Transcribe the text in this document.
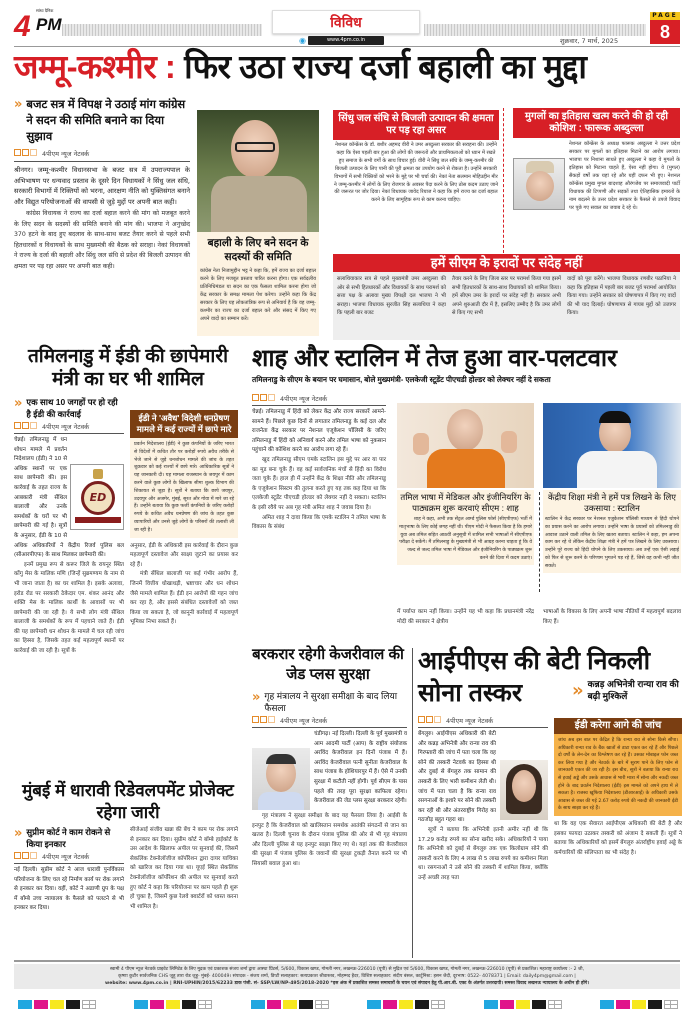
4 सांध्य दैनिक
PM	विविध
◉	www.4pm.co.in	शुक्रवार, 7 मार्च, 2025
PAGE
8
जम्मू-कश्मीर : फिर उठा राज्य दर्जा बहाली का मुद्दा
» बजट सत्र में विपक्ष ने उठाई मांग कांग्रेस ने सदन की समिति बनाने का दिया सुझाव
4पीएम न्यूज नेटवर्क

श्रीनगर। जम्मू-कश्मीर विधानसभा के बजट सत्र में उपराज्यपाल के अभिभाषण पर धन्यवाद प्रस्ताव के दूसरे दिन विधायकों ने सिंधु जल संधि, सरकारी विभागों में रिक्तियों को भरना, आरक्षण नीति को युक्तिसंगत बनाने और विद्युत परियोजनाओं की वापसी से जुड़े मुद्दों पर अपनी बात कही।

कांग्रेस विधायक ने राज्य का दर्जा बहाल करने की मांग को मजबूत करने के लिए सदन के सदस्यों की समिति बनाने की मांग की। भाजपा ने अनुच्छेद 370 हटने के बाद हुए बदलाव के साथ-साथ बजट तैयार करने से पहले सभी हितधारकों व विधायकों के साथ मुख्यमंत्री की बैठक को सराहा। नेकां विधायकों ने राज्य के दर्जा की बहाली और सिंधु जल संधि से प्रदेश की बिजली उत्पादन की क्षमता पर पड़ रहा असर पर अपनी बात कही।

बहाली के लिए बने सदन के सदस्यों की समिति
कांग्रेस नेता निजामुद्दीन भट्ट ने कहा कि, हमें राज्य का दर्जा बहाल करने के लिए मजबूत प्रस्ताव पारित करना होगा। एक सर्वदलीय प्रतिनिधिमंडल या सदन का एक फैसला शामिल करना होगा जो केंद्र सरकार के समक्ष मामला पेश करेगा। उन्होंने कहा कि केंद्र सरकार के लिए यह लोकतांत्रिक रूप से अनिवार्य है कि वह जम्मू-कश्मीर का राज्य का दर्जा बहाल करे और संसद में किए गए अपने वादों का सम्मान करें।
सिंधु जल संधि से बिजली उत्पादन की क्षमता पर पड़ रहा असर
नेशनल कॉन्फ्रेंस के डॉ. बशीर अहमद वीरी ने उमर अब्दुल्ला सरकार की सराहना की। उन्होंने कहा कि ऐसा पहली बार हुआ की लोगों की जरूरतों और प्राथमिकताओं को ध्यान में रखते हुए समाज के सभी वर्गों के साथ विचार हुई। वीरी ने सिंधु जल संधि के जम्मू-कश्मीर की बिजली उत्पादन के लिए पानी की पूरी क्षमता का उपयोग करने से रोकता है। उन्होंने सरकारी विभागों में सभी रिक्तियों को भरने के मुद्दे पर भी चर्चा की। नेकां नेता सलमान मोहिउद्दीन मीर ने जम्मू-कश्मीर में लोगों के लिए रोजगार के अवसर पैदा करने के लिए ठोस कदम उठाए जाने की जरूरत पर जोर दिया। नेकां विधायक जावेद रियाज ने कहा कि हमें राज्य का दर्जा बहाल करने के लिए सामूहिक रूप से काम करना चाहिए।
मुगलों का इतिहास खत्म करने की हो रही कोशिश : फारूक अब्दुल्ला
नेशनल कॉन्फ्रेंस के अध्यक्ष फारूक अब्दुल्ला ने उत्तर प्रदेश सरकार पर मुगलों का इतिहास मिटाने का आरोप लगाया। भाजपा पर निशाना साधते हुए अब्दुल्ला ने कहा वे मुगलों के इतिहास को मिटाना चाहते हैं, ऐसा नहीं होगा। वे (मुगल) सैकड़ों वर्षों तक यहां रहे और यहीं दफन भी हुए। नेशनल कॉन्फ्रेंस प्रमुख मुगल बादशाह औरंगजेब पर समाजवादी पार्टी विधायक की टिप्पणी और सड़कों तथा ऐतिहासिक इमारतों के नाम बदलने के उत्तर प्रदेश सरकार के फैसले से उपजे विवाद पर पूछे गए सवाल का जवाब दे रहे थे।
हमें सीएम के इरादों पर संदेह नहीं

सलाथियाकार सत्र से पहले मुख्यमंत्री उमर अब्दुल्ला की ओर से सभी हितधारकों और विधायकों के साथ परामर्श को सत्ता पक्ष के अलावा मुख्य विपक्षी दल भाजपा ने भी सराहा। भाजपा विधायक सुरजीत सिंह सलाथिया ने कहा कि पहली बार बजट

तैयार करने के लिए जिला स्तर पर परामर्श किया गया इसमें सभी हितधारकों के साथ-साथ विधायकों को शामिल किया। हमें सीएम उमर के इरादों पर संदेह नहीं है। सरकार अभी अपने शुरुआती दौर में है, इसलिए उम्मीद है कि उमर लोगों से किए गए सभी

वादों को पूरा करेंगे। भाजपा विधायक रणबीर पठानिया ने कहा कि इतिहास में पहली बार बजट पूर्व परामर्श आयोजित किया गया। उन्होंने सरकार को घोषणापत्र में किए गए वादों की भी याद दिलाई। घोषणापत्र से गायब मुद्दों को उजागर किया।

तमिलनाडु में ईडी की छापेमारी मंत्री का घर भी शामिल
» एक साथ 10 जगहों पर हो रही है ईडी की कार्रवाई
4पीएम न्यूज नेटवर्क
ED

चेन्नई। तमिलनाडु में धन शोधन मामले में प्रवर्तन निदेशालय (ईडी) ने 10 से अधिक स्थानों पर एक साथ छापेमारी की। इस कार्रवाई के तहत राज्य के आबकारी मंत्री सेंथिल बालाजी और उनके समर्थकों के घरों पर भी छापेमारी की गई है। सूत्रों के अनुसार, ईडी के 10 से अधिक अधिकारियों ने केंद्रीय रिजर्व पुलिस बल (सीआरपीएफ) के साथ मिलकर छापेमारी की।

इनमें प्रमुख रूप से करूर जिले के रायनूर स्थित कोंगु मेस के मालिक मणि (जिन्हें सुब्रमण्यम के नाम से भी जाना जाता है) का घर शामिल है। इसके अलावा, इरोड रोड पर सरकारी ठेकेदार एम. शंकर आनंद और शक्ति मेस के मालिक कार्थी के आवासों पर भी छापेमारी की जा रही है। ये सभी लोग मंत्री सेंथिल बालाजी के समर्थकों के रूप में पहचाने जाते हैं। ईडी की यह छापेमारी धन शोधन के मामले में चल रही जांच का हिस्सा है, जिसके तहत कई महत्वपूर्ण स्थानों पर कार्रवाई की जा रही है। सूत्रों के

ईडी ने 'अवैध' विदेशी धनप्रेषण मामले में कई राज्यों में छापे मारे
प्रवर्तन निदेशालय (ईडी) ने कुछ कंपनियों के जरिए भारत से विदेशों में कथित तौर पर करोड़ों रुपये अवैध तरीके से भेजे जाने से जुड़े धनशोधन मामले की जांच के तहत शुक्रवार को कई राज्यों में छापे मारे। आधिकारिक सूत्रों ने यह जानकारी दी। यह मामला राजस्थान के जयपुर में काम करने वाले कुछ लोगों के खिलाफ सीमा शुल्क विभाग की शिकायत से जुड़ा है। सूत्रों ने बताया कि छापे जयपुर, उदयपुर और अजमेर, मुंबई, सूरत और गोवा में मारे जा रहे हैं। उन्होंने बताया कि कुछ फर्जी कंपनियों के जरिए करोड़ों रुपये के कथित अवैध धनप्रेषण की जांच के तहत कुछ व्यापारियों और उनसे जुड़े लोगों के परिसरों की तलाशी ली जा रही है।

अनुसार, ईडी के अधिकारी इस कार्रवाई के दौरान कुछ महत्वपूर्ण दस्तावेज और साक्ष्य जुटाने का प्रयास कर रहे हैं।

मंत्री सेंथिल बालाजी पर कई गंभीर आरोप हैं, जिनमें वित्तीय धोखाधड़ी, भ्रष्टाचार और धन शोधन जैसे मामले शामिल हैं। ईडी इन आरोपों की गहन जांच कर रहा है, और इससे संबंधित दस्तावेजों को जब्त किया जा सकता है, जो कानूनी कार्रवाई में महत्वपूर्ण भूमिका निभा सकते हैं।

मुंबई में धारावी रिडेवलपमेंट प्रोजेक्ट रहेगा जारी
» सुप्रीम कोर्ट ने काम रोकने से किया इनकार
4पीएम न्यूज नेटवर्क

नई दिल्ली। सुप्रीम कोर्ट ने आज धारावी पुनर्विकास परियोजना के लिए चल रहे निर्माण कार्य पर रोक लगाने से इनकार कर दिया। वहीं, कोर्ट ने अडाणी ग्रुप के पक्ष में बॉम्बे उच्च न्यायालय के फैसले को पलटने से भी इनकार कर दिया।

सीजेआई संजीव खन्ना की बेंच ने काम पर रोक लगाने से इनकार कर दिया। सुप्रीम कोर्ट ने बॉम्बे हाईकोर्ट के उस आदेश के खिलाफ अपील पर सुनवाई की, जिसमें सेकलिंक टेक्नोलॉजीज कॉर्पोरेशन द्वारा दायर याचिका को खारिज कर दिया गया था। यूएई स्थित सेकलिंक टेक्नोलॉजीज कॉर्पोरेशन की अपील पर सुनवाई करते हुए कोर्ट ने कहा कि परियोजना पर काम पहले ही शुरू हो चुका है, जिसमें कुछ रेलवे क्वार्टरों को ध्वस्त करना भी शामिल है।
शाह और स्टालिन में तेज हुआ वार-पलटवार
तमिलनाडु के सीएम के बयान पर घमासान, बोले मुख्यमंत्री- एलकेजी स्टूडेंट पीएचडी होल्डर को लेक्चर नहीं दे सकता
4पीएम न्यूज नेटवर्क

चेन्नई। तमिलनाडु में हिंदी को लेकर केंद्र और राज्य सरकारें आमने-सामने हैं। पिछले कुछ दिनों से लगातार तमिलनाडु के कई दल और राजनेता केंद्र सरकार पर नेशनल एजूकेशन पॉलिसी के जरिए तमिलनाडु में हिंदी को अनिवार्य करने और तमिल भाषा को नुकसान पहुंचाने की कोशिश करने का आरोप लगा रहे हैं।

खुद तमिलनाडु सीएम एमके स्टालिन इस मुद्दे पर आर या पार का मूड बना चुके हैं। वह कई सार्वजनिक मंचों से हिंदी का विरोध जता चुके हैं। हाल ही में उन्होंने केंद्र के शिक्षा नीति और तमिलनाडु के एजुकेशन सिस्टम की तुलना करते हुए यह तक कह दिया था कि एलकेजी स्टूडेंट पीएचडी होल्डर को लेक्चर नहीं दे सकता। स्टालिन के इसी रवैये पर अब गृह मंत्री अमित शाह ने जवाब दिया है।

अमित शाह ने दावा किया कि एमके स्टालिन ने तमिल भाषा के विकास के संबंध

तमिल भाषा में मेडिकल और इंजीनियरिंग के पाठ्यक्रम शुरू करवाएं सीएम : शाह
शाह ने कहा, अभी तक सेंट्रल आर्म्ड पुलिस फोर्स (सीएपीएफ) भर्ती में मातृभाषा के लिए कोई जगह नहीं थी। पीएम मोदी ने फैसला किया है कि हमारे युवा अब तमिल सहित आठवीं अनुसूची में शामिल सभी भाषाओं में सीएपीएफ परीक्षा दे सकेंगे। मैं तमिलनाडु के मुख्यमंत्री से भी आग्रह करना चाहता हूं कि वे जल्द से जल्द तमिल भाषा में मेडिकल और इंजीनियरिंग के पाठ्यक्रम शुरू करने की दिशा में कदम उठाएं।
केंद्रीय शिक्षा मंत्री ने हमें पत्र लिखने के लिए उकसाया : स्टालिन
स्टालिन ने केंद्र सरकार पर नेशनल एजुकेशन पॉलिसी माध्यम से हिंदी थोपने का प्रयास करने का आरोप लगाया। उन्होंने भाषा के प्रयासों को तमिलनाडु की आवाज उठाने वाली तमिल के लिए खतरा बताया। स्टालिन ने कहा, हम अपना काम कर रहे थे लेकिन केंद्रीय शिक्षा मंत्री ने हमें पत्र लिखने के लिए उकसाया। उन्होंने पूरे राज्य को हिंदी थोपने के लिए उकसाया। अब उन्हें एक ऐसी लड़ाई को फिर से शुरू करने के परिणाम भुगतने पड़ रहे हैं, जिसे वह कभी नहीं जीत सकते।
में पर्याप्त काम नहीं किया। उन्होंने यह भी कहा कि प्रधानमंत्री नरेंद्र मोदी की सरकार ने क्षेत्रीय
भाषाओं के विकास के लिए अपनी भाषा नीतियों में महत्वपूर्ण बदलाव किए हैं।
बरकरार रहेगी केजरीवाल की जेड प्लस सुरक्षा
» गृह मंत्रालय ने सुरक्षा समीक्षा के बाद लिया फैसला
4पीएम न्यूज नेटवर्क

चंडीगढ़। नई दिल्ली। दिल्ली के पूर्व मुख्यमंत्री व आम आदमी पार्टी (आप) के राष्ट्रीय संयोजक अरविंद केजरीवाल इन दिनों पंजाब में हैं। अरविंद केजरीवाल पत्नी सुनीता केजरीवाल के साथ पंजाब के होशियारपुर में हैं। ऐसे में उनकी सुरक्षा में कटौती नहीं होगी। पूर्व सीएम के पास पहले की तरह पूरा सुरक्षा काफिला रहेगा। केजरीवाल की जेड प्लस सुरक्षा बरकरार रहेगी।

गृह मंत्रालय ने सुरक्षा समीक्षा के बाद यह फैसला लिया है। आईबी के इनपुट है कि केजरीवाल को खालिस्तान समर्थक आतंकी संगठनों से जान का खतरा है। दिल्ली चुनाव के दौरान पंजाब पुलिस की ओर से भी गृह मंत्रालय और दिल्ली पुलिस से यह इनपुट साझा किए गए थे। यहां तक की केजरीवाल की सुरक्षा में पंजाब पुलिस के जवानों की सुरक्षा टुकड़ी तैनात करने पर भी सियासी बवाल हुआ था।

आईपीएस की बेटी निकली सोना तस्कर	» कन्नड़ अभिनेत्री रान्या राव की बढ़ी मुश्किलें
4पीएम न्यूज नेटवर्क

बेंगलुरु। आईपीएस अधिकारी की बेटी और कन्नड़ अभिनेत्री और रान्या राव की गिरफ्तारी की जांच में पता चला कि वह सोने की तस्करी नेटवर्क का हिस्सा थी और दुबई से बेंगलुरु तक सामान की तस्करी के लिए भारी कमीशन लेती थी। जांच में पता चला है कि रान्या राव रसगनाओं के इशारे पर सोने की तस्करी कर रही थी और अंतरराष्ट्रीय गिरोह का गठजोड़ बहुत गहरा था।

सूत्रों ने बताया कि अभिनेत्री इतनी अमीर नहीं थी कि 17.29 करोड़ रुपये का सोना खरीद सके। अधिकारियों ने पाया कि अभिनेत्री को दुबई से बेंगलुरु तक एक किलोग्राम सोने की तस्करी करने के लिए 4 लाख से 5 लाख रुपये का कमीशन मिला था। रसगनाओं ने उसे सोने की तस्करी में शामिल किया, क्योंकि उन्हें अच्छी तरह पता

ईडी करेगा आगे की जांच
जांच अब इस बात पर केंद्रित है कि रान्या राव से सोना किसे सौंपा। अधिकारी रान्या राव के बैंक खातों से डाटा एकत्र कर रहे हैं और पिछले दो वर्षों के लेन-देन का विश्लेषण कर रहे हैं। उसका मोबाइल फोन जब्त कर लिया गया है और नेटवर्क के बारे में सुराग पाने के लिए फोन से जानकारी एकत्र की जा रही है। इस बीच, सूत्रों ने बताया कि रान्या राव से हवाई अड्डे और उसके आवास से भारी मात्रा में सोना और नकदी जब्त होने के बाद प्रवर्तन निदेशालय (ईडी) इस मामले को अपने हाथ में ले सकता है। राजस्व खुफिया निदेशालय (डीआरआई) के अधिकारी उसके आवास से जब्त की गई 2.67 करोड़ रुपये की नकदी की जानकारी ईडी के साथ साझा कर रहे हैं।

था कि वह एक सेवारत आईपीएस अधिकारी की बेटी है और इसका फायदा उठाकर तस्करी को अंजाम दे सकती हैं। सूत्रों ने बताया कि अधिकारियों को इसमें बेंगलुरु अंतर्राष्ट्रीय हवाई अड्डे के कर्मचारियों की संलिप्तता का भी संदेह है।

स्वामी 4 पीएम न्यूज नेटवर्क प्राइवेट लिमिटेड के लिए मुद्रक एवं प्रकाशक संजय शर्मा द्वारा आस्था प्रिंटर्स, 5/600, विकास खण्ड, गोमती नगर, लखनऊ-226010 (यूपी) से मुद्रित एवं 5/600, विकास खण्ड, गोमती नगर, लखनऊ-226010 (यूपी) से प्रकाशित। महाराष्ट्र कार्यालय :- 2 जी,
कृष्णा कुटीर सार्वजनिक CHS जुहू तारा रोड जुहू- मुंबई- 400049। संपादक - संजय शर्मा, डिप्टी सलाहकार: सत्यप्रकाश श्रीवास्तव, मोहम्मद हैदर, विशिष्ट सलाहकार: संदीप बंसल, कार्टूनिस्ट: हसन जैदी, दूरभाष: 0522- 4078371 | Email: daily4pm@gmail.com |
website: www.4pm.co.in | RNI-UPHIN/2015/62233 डाक पंजी. सं- SSP/LW/NP-495/2018-2020 *इस अंक में प्रकाशित समस्त समाचारों के चयन एवं संपादन हेतु पी.आर.बी. एक्ट के अंतर्गत उत्तरदायी। समस्त विवाद लखनऊ न्यायालय के अधीन ही होंगे।
